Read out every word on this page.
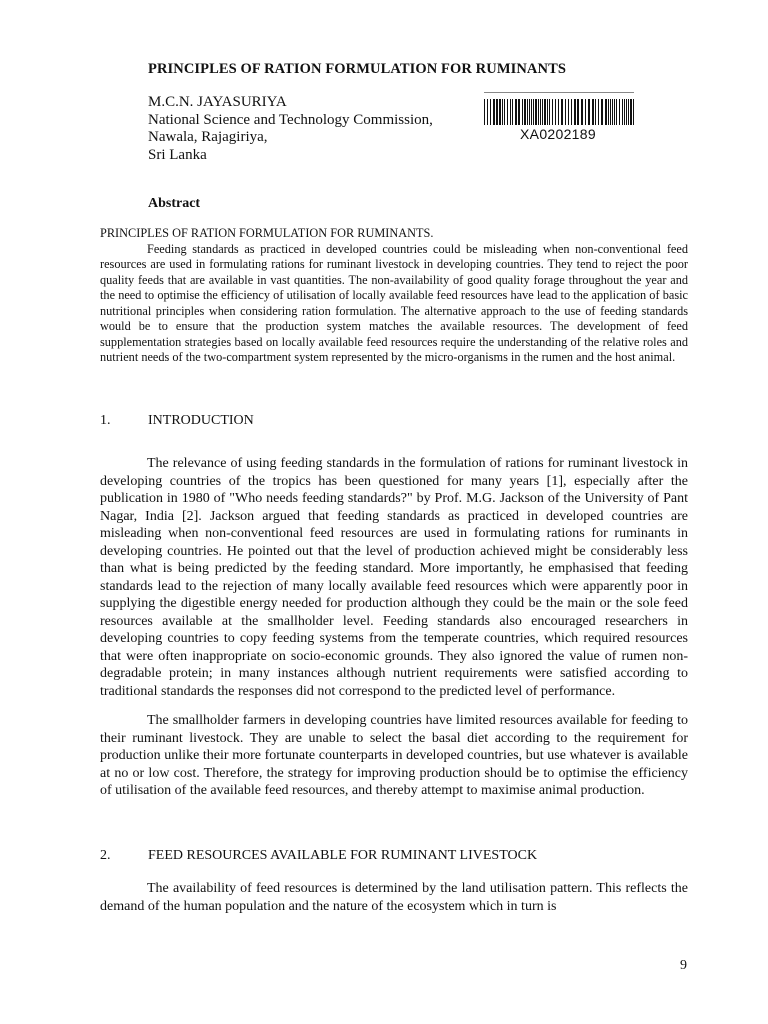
PRINCIPLES OF RATION FORMULATION FOR RUMINANTS
M.C.N. JAYASURIYA
National Science and Technology Commission,
Nawala, Rajagiriya,
Sri Lanka
XA0202189
Abstract

PRINCIPLES OF RATION FORMULATION FOR RUMINANTS.

Feeding standards as practiced in developed countries could be misleading when non-conventional feed resources are used in formulating rations for ruminant livestock in developing countries. They tend to reject the poor quality feeds that are available in vast quantities. The non-availability of good quality forage throughout the year and the need to optimise the efficiency of utilisation of locally available feed resources have lead to the application of basic nutritional principles when considering ration formulation. The alternative approach to the use of feeding standards would be to ensure that the production system matches the available resources. The development of feed supplementation strategies based on locally available feed resources require the understanding of the relative roles and nutrient needs of the two-compartment system represented by the micro-organisms in the rumen and the host animal.

1.	INTRODUCTION

The relevance of using feeding standards in the formulation of rations for ruminant livestock in developing countries of the tropics has been questioned for many years [1], especially after the publication in 1980 of "Who needs feeding standards?" by Prof. M.G. Jackson of the University of Pant Nagar, India [2]. Jackson argued that feeding standards as practiced in developed countries are misleading when non-conventional feed resources are used in formulating rations for ruminants in developing countries. He pointed out that the level of production achieved might be considerably less than what is being predicted by the feeding standard. More importantly, he emphasised that feeding standards lead to the rejection of many locally available feed resources which were apparently poor in supplying the digestible energy needed for production although they could be the main or the sole feed resources available at the smallholder level. Feeding standards also encouraged researchers in developing countries to copy feeding systems from the temperate countries, which required resources that were often inappropriate on socio-economic grounds. They also ignored the value of rumen non-degradable protein; in many instances although nutrient requirements were satisfied according to traditional standards the responses did not correspond to the predicted level of performance.

The smallholder farmers in developing countries have limited resources available for feeding to their ruminant livestock. They are unable to select the basal diet according to the requirement for production unlike their more fortunate counterparts in developed countries, but use whatever is available at no or low cost. Therefore, the strategy for improving production should be to optimise the efficiency of utilisation of the available feed resources, and thereby attempt to maximise animal production.

2.	FEED RESOURCES AVAILABLE FOR RUMINANT LIVESTOCK

The availability of feed resources is determined by the land utilisation pattern. This reflects the demand of the human population and the nature of the ecosystem which in turn is

9
